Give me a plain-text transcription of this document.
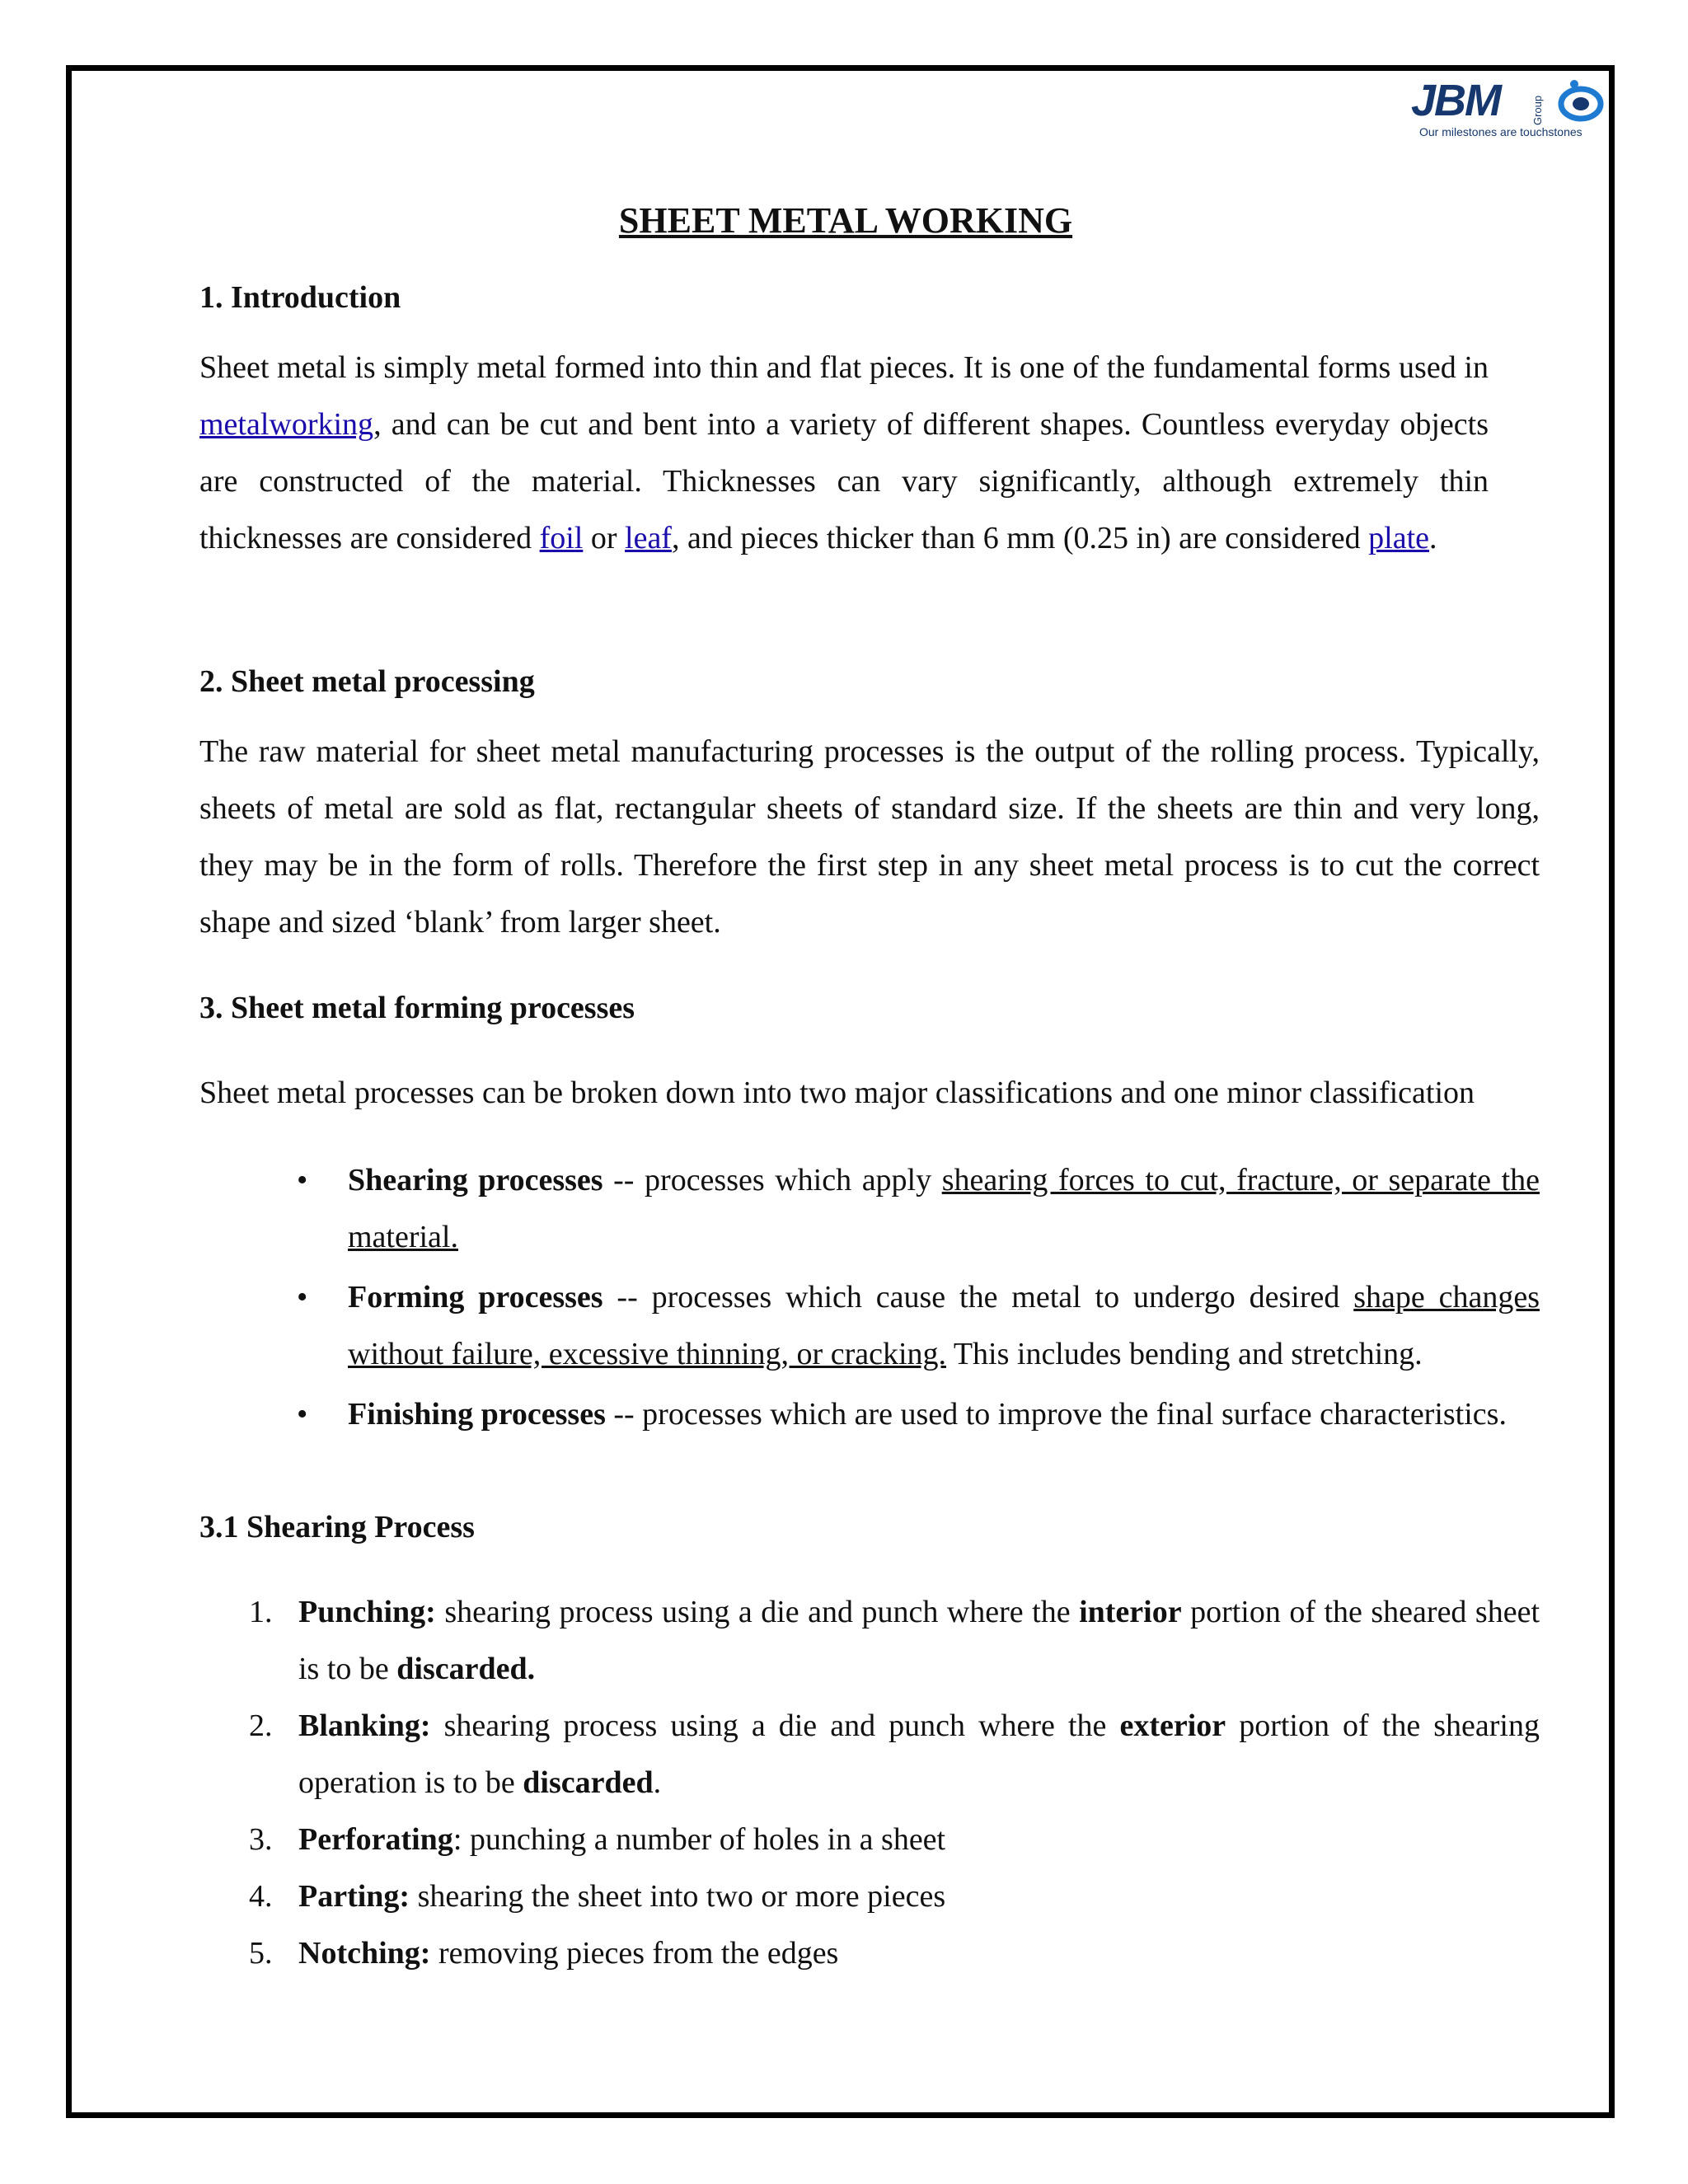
JBM	Group
Our milestones are touchstones
SHEET METAL WORKING
1. Introduction
Sheet metal is simply metal formed into thin and flat pieces. It is one of the fundamental forms used in metalworking, and can be cut and bent into a variety of different shapes. Countless everyday objects are constructed of the material. Thicknesses can vary significantly, although extremely thin thicknesses are considered foil or leaf, and pieces thicker than 6 mm (0.25 in) are considered plate.
2. Sheet metal processing
The raw material for sheet metal manufacturing processes is the output of the rolling process. Typically, sheets of metal are sold as flat, rectangular sheets of standard size. If the sheets are thin and very long, they may be in the form of rolls. Therefore the first step in any sheet metal process is to cut the correct shape and sized ‘blank’ from larger sheet.
3. Sheet metal forming processes
Sheet metal processes can be broken down into two major classifications and one minor classification
• Shearing processes -- processes which apply shearing forces to cut, fracture, or separate the material.
• Forming processes -- processes which cause the metal to undergo desired shape changes without failure, excessive thinning, or cracking. This includes bending and stretching.
• Finishing processes -- processes which are used to improve the final surface characteristics.
3.1 Shearing Process
1. Punching: shearing process using a die and punch where the interior portion of the sheared sheet is to be discarded.
2. Blanking: shearing process using a die and punch where the exterior portion of the shearing operation is to be discarded.
3. Perforating: punching a number of holes in a sheet
4. Parting: shearing the sheet into two or more pieces
5. Notching: removing pieces from the edges
